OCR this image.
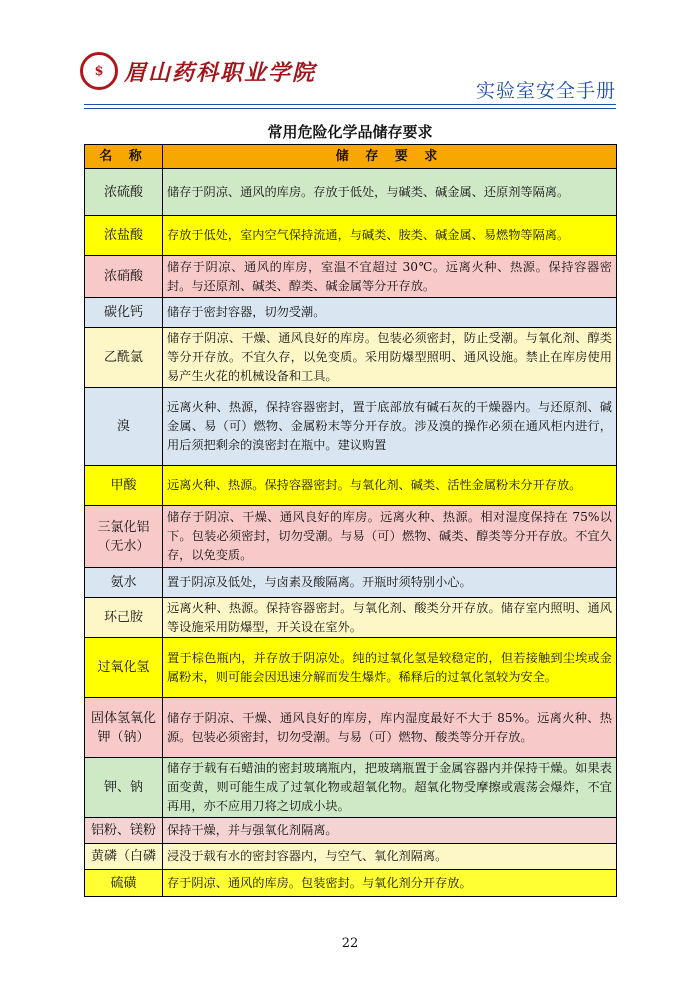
$ 眉山药科职业学院
实验室安全手册
常用危险化学品储存要求
名 称	储 存 要 求
浓硫酸	储存于阴凉、通风的库房。存放于低处，与碱类、碱金属、还原剂等隔离。
浓盐酸	存放于低处，室内空气保持流通，与碱类、胺类、碱金属、易燃物等隔离。
浓硝酸	储存于阴凉、通风的库房，室温不宜超过 30℃。远离火种、热源。保持容器密封。与还原剂、碱类、醇类、碱金属等分开存放。
碳化钙	储存于密封容器，切勿受潮。
乙酰氯	储存于阴凉、干燥、通风良好的库房。包装必须密封，防止受潮。与氧化剂、醇类等分开存放。不宜久存，以免变质。采用防爆型照明、通风设施。禁止在库房使用易产生火花的机械设备和工具。
溴	远离火种、热源，保持容器密封，置于底部放有碱石灰的干燥器内。与还原剂、碱金属、易（可）燃物、金属粉末等分开存放。涉及溴的操作必须在通风柜内进行，用后须把剩余的溴密封在瓶中。建议购置
甲酸	远离火种、热源。保持容器密封。与氧化剂、碱类、活性金属粉末分开存放。
三氯化铝（无水）	储存于阴凉、干燥、通风良好的库房。远离火种、热源。相对湿度保持在 75%以下。包装必须密封，切勿受潮。与易（可）燃物、碱类、醇类等分开存放。不宜久存，以免变质。
氨水	置于阴凉及低处，与卤素及酸隔离。开瓶时须特别小心。
环己胺	远离火种、热源。保持容器密封。与氧化剂、酸类分开存放。储存室内照明、通风等设施采用防爆型，开关设在室外。
过氧化氢	置于棕色瓶内，并存放于阴凉处。纯的过氧化氢是较稳定的，但若接触到尘埃或金属粉末，则可能会因迅速分解而发生爆炸。稀释后的过氧化氢较为安全。
固体氢氧化钾（钠）	储存于阴凉、干燥、通风良好的库房，库内湿度最好不大于 85%。远离火种、热源。包装必须密封，切勿受潮。与易（可）燃物、酸类等分开存放。
钾、钠	储存于载有石蜡油的密封玻璃瓶内，把玻璃瓶置于金属容器内并保持干燥。如果表面变黄，则可能生成了过氧化物或超氧化物。超氧化物受摩擦或震荡会爆炸，不宜再用，亦不应用刀将之切成小块。
铝粉、镁粉	保持干燥，并与强氧化剂隔离。
黄磷（白磷	浸没于载有水的密封容器内，与空气、氧化剂隔离。
硫磺	存于阴凉、通风的库房。包装密封。与氧化剂分开存放。
22
